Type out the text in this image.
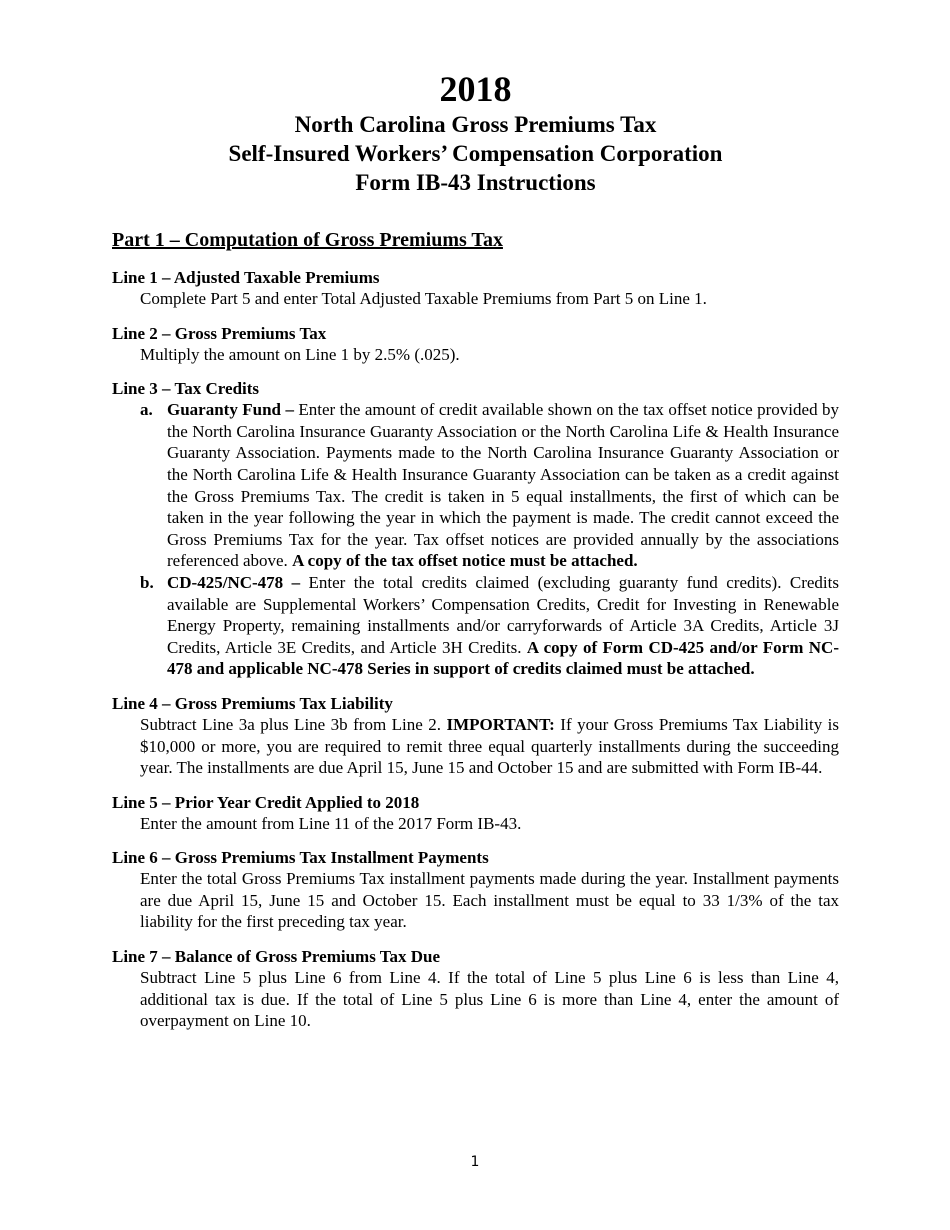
2018
North Carolina Gross Premiums Tax
Self-Insured Workers’ Compensation Corporation
Form IB-43 Instructions
Part 1 – Computation of Gross Premiums Tax
Line 1 – Adjusted Taxable Premiums
Complete Part 5 and enter Total Adjusted Taxable Premiums from Part 5 on Line 1.
Line 2 – Gross Premiums Tax
Multiply the amount on Line 1 by 2.5% (.025).
Line 3 – Tax Credits
a. Guaranty Fund – Enter the amount of credit available shown on the tax offset notice provided by the North Carolina Insurance Guaranty Association or the North Carolina Life & Health Insurance Guaranty Association. Payments made to the North Carolina Insurance Guaranty Association or the North Carolina Life & Health Insurance Guaranty Association can be taken as a credit against the Gross Premiums Tax. The credit is taken in 5 equal installments, the first of which can be taken in the year following the year in which the payment is made. The credit cannot exceed the Gross Premiums Tax for the year. Tax offset notices are provided annually by the associations referenced above. A copy of the tax offset notice must be attached.
b. CD-425/NC-478 – Enter the total credits claimed (excluding guaranty fund credits). Credits available are Supplemental Workers’ Compensation Credits, Credit for Investing in Renewable Energy Property, remaining installments and/or carryforwards of Article 3A Credits, Article 3J Credits, Article 3E Credits, and Article 3H Credits. A copy of Form CD-425 and/or Form NC-478 and applicable NC-478 Series in support of credits claimed must be attached.
Line 4 – Gross Premiums Tax Liability
Subtract Line 3a plus Line 3b from Line 2. IMPORTANT: If your Gross Premiums Tax Liability is $10,000 or more, you are required to remit three equal quarterly installments during the succeeding year. The installments are due April 15, June 15 and October 15 and are submitted with Form IB-44.
Line 5 – Prior Year Credit Applied to 2018
Enter the amount from Line 11 of the 2017 Form IB-43.
Line 6 – Gross Premiums Tax Installment Payments
Enter the total Gross Premiums Tax installment payments made during the year. Installment payments are due April 15, June 15 and October 15. Each installment must be equal to 33 1/3% of the tax liability for the first preceding tax year.
Line 7 – Balance of Gross Premiums Tax Due
Subtract Line 5 plus Line 6 from Line 4. If the total of Line 5 plus Line 6 is less than Line 4, additional tax is due. If the total of Line 5 plus Line 6 is more than Line 4, enter the amount of overpayment on Line 10.
1
